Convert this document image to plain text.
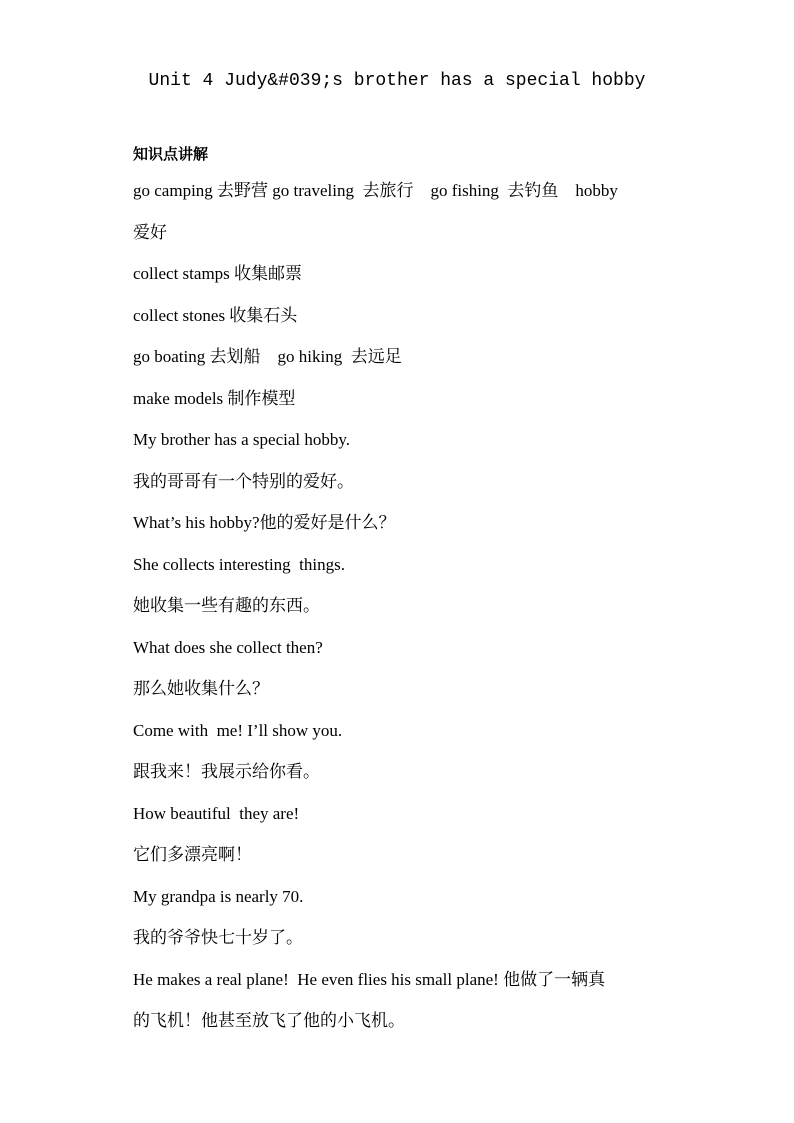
Unit 4 Judy&#039;s brother has a special hobby
知识点讲解
go camping 去野营 go traveling  去旅行    go fishing  去钓鱼    hobby
爱好
collect stamps 收集邮票
collect stones 收集石头
go boating 去划船    go hiking  去远足
make models 制作模型
My brother has a special hobby.
我的哥哥有一个特别的爱好。
What’s his hobby?他的爱好是什么？
She collects interesting  things.
她收集一些有趣的东西。
What does she collect then?
那么她收集什么？
Come with  me! I’ll show you.
跟我来！我展示给你看。
How beautiful  they are!
它们多漂亮啊！
My grandpa is nearly 70.
我的爷爷快七十岁了。
He makes a real plane!  He even flies his small plane! 他做了一辆真
的飞机！他甚至放飞了他的小飞机。
